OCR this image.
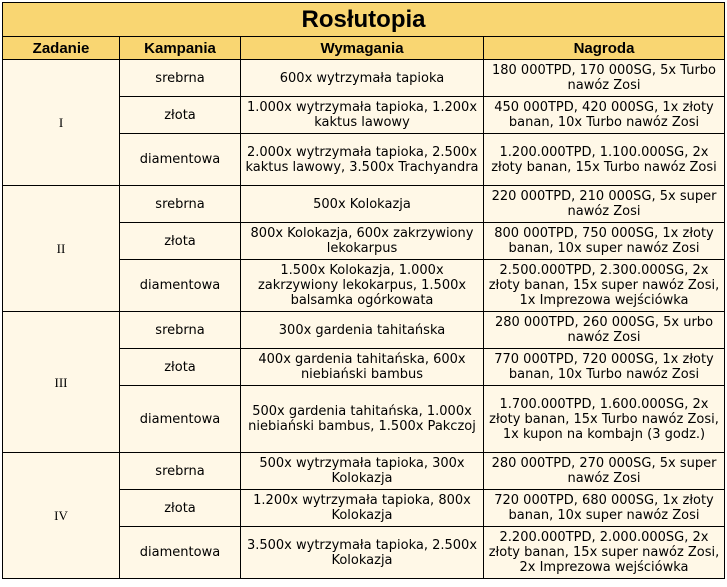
Rosłutopia			
Zadanie	Kampania	Wymagania	Nagroda
I	srebrna	600x wytrzymała tapioka	180 000TPD, 170 000SG, 5x Turbo nawóz Zosi
	złota	1.000x wytrzymała tapioka, 1.200x kaktus lawowy	450 000TPD, 420 000SG, 1x złoty banan, 10x Turbo nawóz Zosi
	diamentowa	2.000x wytrzymała tapioka, 2.500x kaktus lawowy, 3.500x Trachyandra	1.200.000TPD, 1.100.000SG, 2x złoty banan, 15x Turbo nawóz Zosi
II	srebrna	500x Kolokazja	220 000TPD, 210 000SG, 5x super nawóz Zosi
	złota	800x Kolokazja, 600x zakrzywiony lekokarpus	800 000TPD, 750 000SG, 1x złoty banan, 10x super nawóz Zosi
	diamentowa	1.500x Kolokazja, 1.000x zakrzywiony lekokarpus, 1.500x balsamka ogórkowata	2.500.000TPD, 2.300.000SG, 2x złoty banan, 15x super nawóz Zosi, 1x Imprezowa wejściówka
III	srebrna	300x gardenia tahitańska	280 000TPD, 260 000SG, 5x urbo nawóz Zosi
	złota	400x gardenia tahitańska, 600x niebiański bambus	770 000TPD, 720 000SG, 1x złoty banan, 10x Turbo nawóz Zosi
	diamentowa	500x gardenia tahitańska, 1.000x niebiański bambus, 1.500x Pakczoj	1.700.000TPD, 1.600.000SG, 2x złoty banan, 15x Turbo nawóz Zosi, 1x kupon na kombajn (3 godz.)
IV	srebrna	500x wytrzymała tapioka, 300x Kolokazja	280 000TPD, 270 000SG, 5x super nawóz Zosi
	złota	1.200x wytrzymała tapioka, 800x Kolokazja	720 000TPD, 680 000SG, 1x złoty banan, 10x super nawóz Zosi
	diamentowa	3.500x wytrzymała tapioka, 2.500x Kolokazja	2.200.000TPD, 2.000.000SG, 2x złoty banan, 15x super nawóz Zosi, 2x Imprezowa wejściówka
